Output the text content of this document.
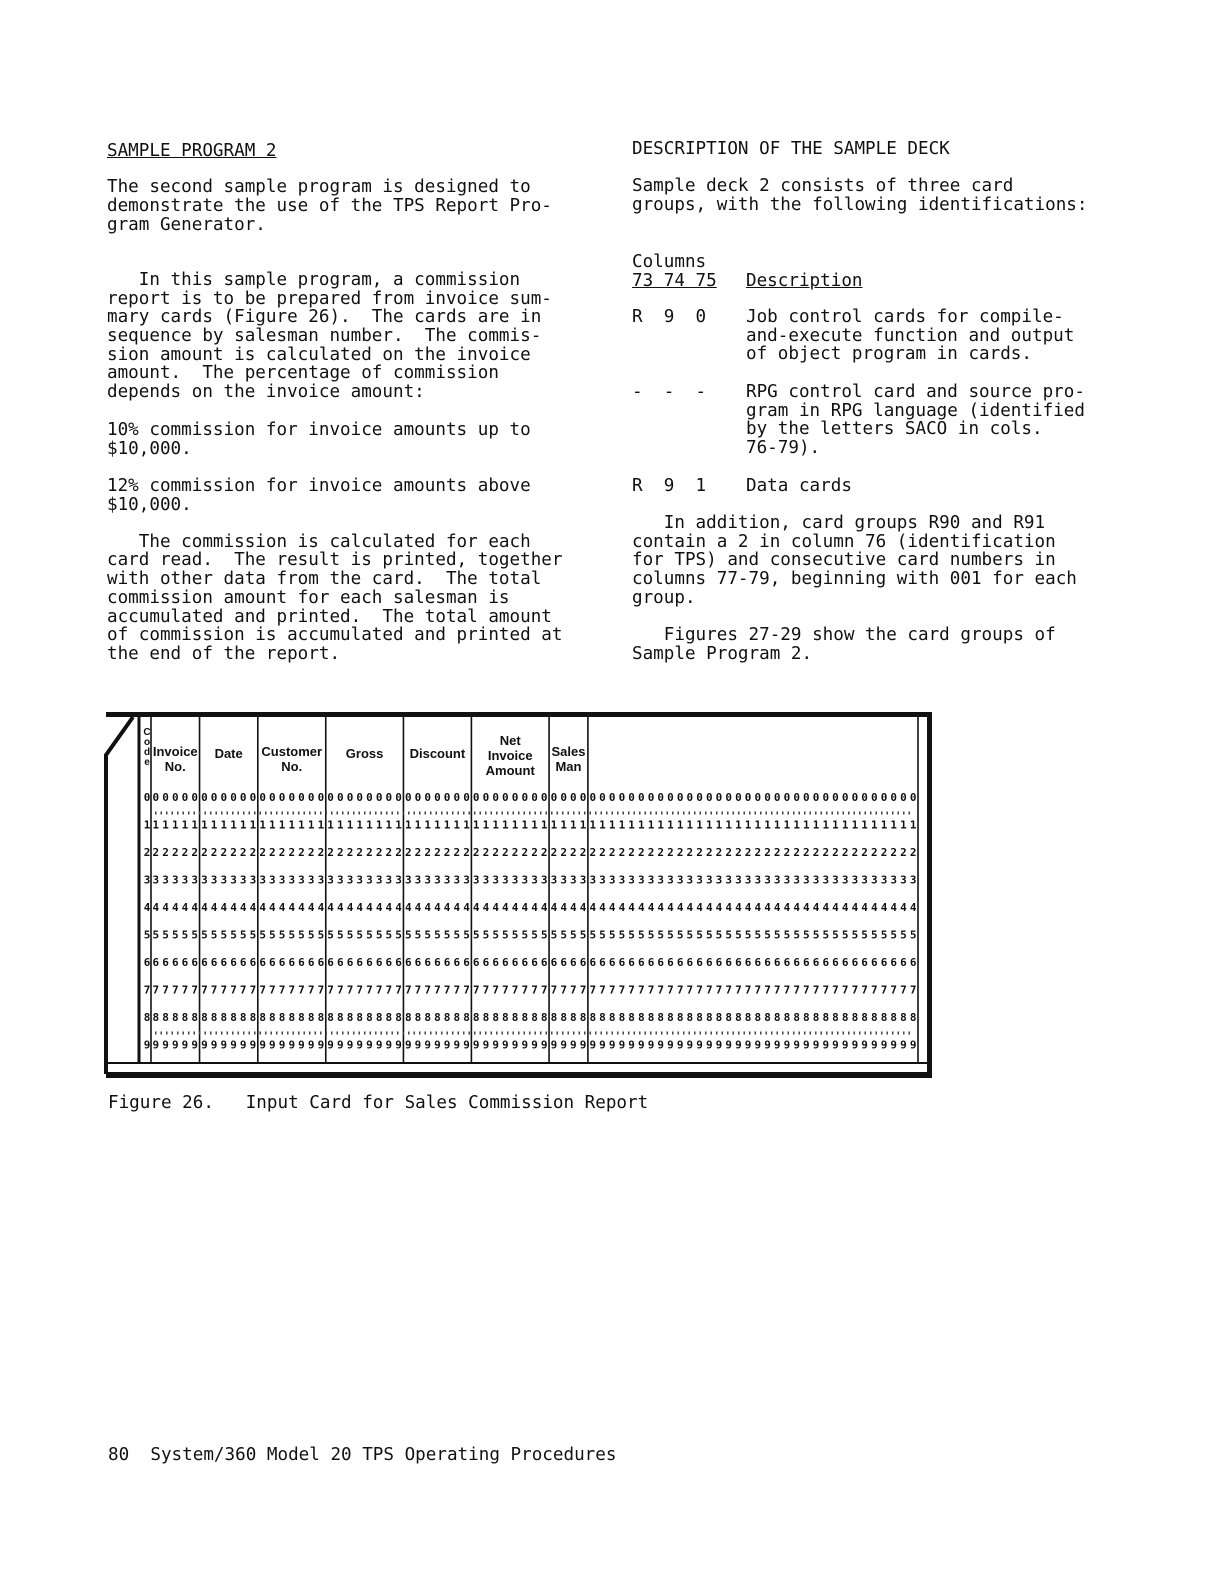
SAMPLE PROGRAM 2

The second sample program is designed to

demonstrate the use of the TPS Report Pro-

gram Generator.

In this sample program, a commission

report is to be prepared from invoice sum-

mary cards (Figure 26).  The cards are in

sequence by salesman number.  The commis-

sion amount is calculated on the invoice

amount.  The percentage of commission

depends on the invoice amount:

10% commission for invoice amounts up to

$10,000.

12% commission for invoice amounts above

$10,000.

The commission is calculated for each

card read.  The result is printed, together

with other data from the card.  The total

commission amount for each salesman is

accumulated and printed.  The total amount

of commission is accumulated and printed at

the end of the report.

DESCRIPTION OF THE SAMPLE DECK

Sample deck 2 consists of three card

groups, with the following identifications:

Columns

73 74 75 Description

R  9  0 Job control cards for compile-

and-execute function and output

of object program in cards.

-  -  - RPG control card and source pro-

gram in RPG language (identified

by the letters SACO in cols.

76-79).

R  9  1 Data cards

In addition, card groups R90 and R91

contain a 2 in column 76 (identification

for TPS) and consecutive card numbers in

columns 77-79, beginning with 001 for each

group.

Figures 27-29 show the card groups of

Sample Program 2.

C
o
d
e
Invoice
No.
Date Customer
No.
Gross Discount
Net
Invoice
Amount
Sales
Man
0 0 0 0 0 0 0 0 0 0 0 0 0 0 0 0 0 0 0 0 0 0 0 0 0 0 0 0 0 0 0 0 0 0 0 0 0 0 0 0 0 0 0 0 0 0 0 0 0 0 0 0 0 0 0 0 0 0 0 0 0 0 0 0 0 0 0 0 0 0 0 0 0 0 0 0 0 0 0 0
1 1 1 1 1 1 1 1 1 1 1 1 1 1 1 1 1 1 1 1 1 1 1 1 1 1 1 1 1 1 1 1 1 1 1 1 1 1 1 1 1 1 1 1 1 1 1 1 1 1 1 1 1 1 1 1 1 1 1 1 1 1 1 1 1 1 1 1 1 1 1 1 1 1 1 1 1 1 1 1
2 2 2 2 2 2 2 2 2 2 2 2 2 2 2 2 2 2 2 2 2 2 2 2 2 2 2 2 2 2 2 2 2 2 2 2 2 2 2 2 2 2 2 2 2 2 2 2 2 2 2 2 2 2 2 2 2 2 2 2 2 2 2 2 2 2 2 2 2 2 2 2 2 2 2 2 2 2 2 2
3 3 3 3 3 3 3 3 3 3 3 3 3 3 3 3 3 3 3 3 3 3 3 3 3 3 3 3 3 3 3 3 3 3 3 3 3 3 3 3 3 3 3 3 3 3 3 3 3 3 3 3 3 3 3 3 3 3 3 3 3 3 3 3 3 3 3 3 3 3 3 3 3 3 3 3 3 3 3 3
4 4 4 4 4 4 4 4 4 4 4 4 4 4 4 4 4 4 4 4 4 4 4 4 4 4 4 4 4 4 4 4 4 4 4 4 4 4 4 4 4 4 4 4 4 4 4 4 4 4 4 4 4 4 4 4 4 4 4 4 4 4 4 4 4 4 4 4 4 4 4 4 4 4 4 4 4 4 4 4
5 5 5 5 5 5 5 5 5 5 5 5 5 5 5 5 5 5 5 5 5 5 5 5 5 5 5 5 5 5 5 5 5 5 5 5 5 5 5 5 5 5 5 5 5 5 5 5 5 5 5 5 5 5 5 5 5 5 5 5 5 5 5 5 5 5 5 5 5 5 5 5 5 5 5 5 5 5 5 5
6 6 6 6 6 6 6 6 6 6 6 6 6 6 6 6 6 6 6 6 6 6 6 6 6 6 6 6 6 6 6 6 6 6 6 6 6 6 6 6 6 6 6 6 6 6 6 6 6 6 6 6 6 6 6 6 6 6 6 6 6 6 6 6 6 6 6 6 6 6 6 6 6 6 6 6 6 6 6 6
7 7 7 7 7 7 7 7 7 7 7 7 7 7 7 7 7 7 7 7 7 7 7 7 7 7 7 7 7 7 7 7 7 7 7 7 7 7 7 7 7 7 7 7 7 7 7 7 7 7 7 7 7 7 7 7 7 7 7 7 7 7 7 7 7 7 7 7 7 7 7 7 7 7 7 7 7 7 7 7
8 8 8 8 8 8 8 8 8 8 8 8 8 8 8 8 8 8 8 8 8 8 8 8 8 8 8 8 8 8 8 8 8 8 8 8 8 8 8 8 8 8 8 8 8 8 8 8 8 8 8 8 8 8 8 8 8 8 8 8 8 8 8 8 8 8 8 8 8 8 8 8 8 8 8 8 8 8 8 8
9 9 9 9 9 9 9 9 9 9 9 9 9 9 9 9 9 9 9 9 9 9 9 9 9 9 9 9 9 9 9 9 9 9 9 9 9 9 9 9 9 9 9 9 9 9 9 9 9 9 9 9 9 9 9 9 9 9 9 9 9 9 9 9 9 9 9 9 9 9 9 9 9 9 9 9 9 9 9 9

Figure 26.   Input Card for Sales Commission Report

80  System/360 Model 20 TPS Operating Procedures
